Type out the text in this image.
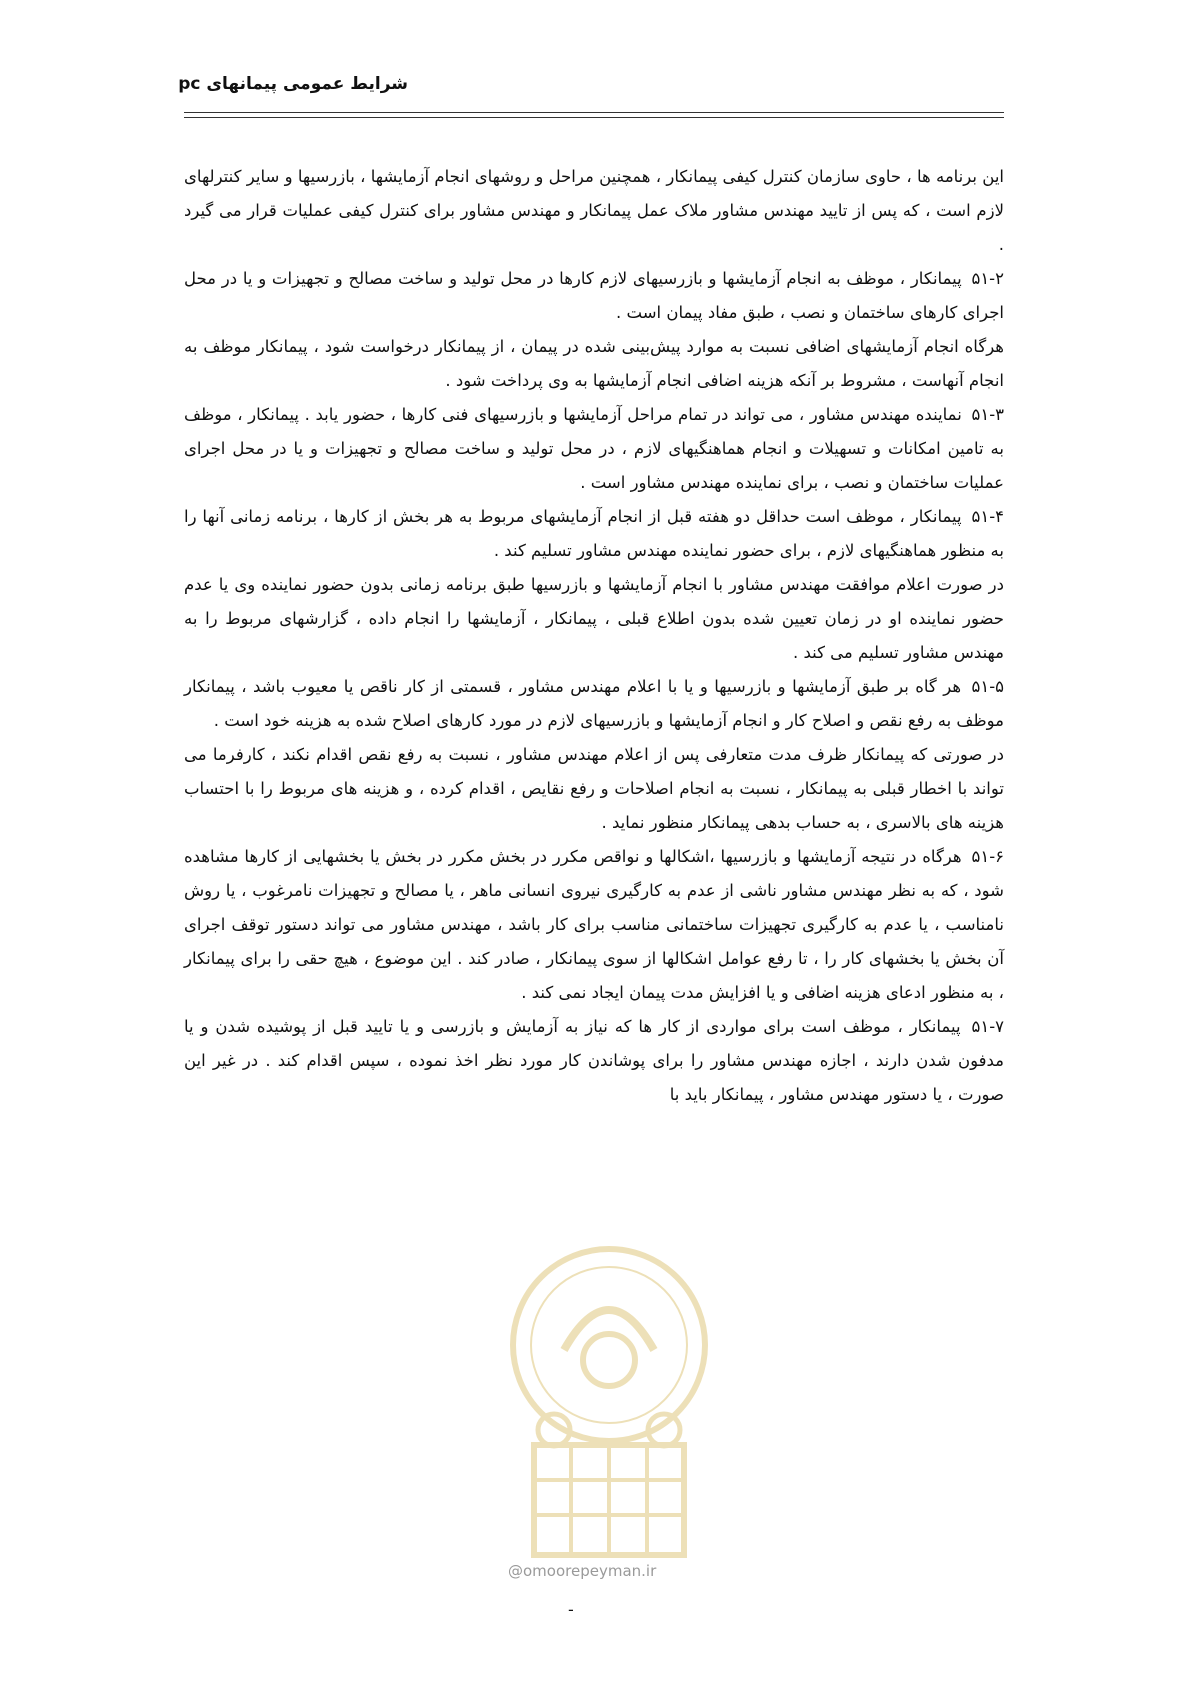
شرایط عمومی پیمانهای pc

این برنامه ها ، حاوی سازمان کنترل کیفی پیمانکار ، همچنین مراحل و روشهای انجام آزمایشها ، بازرسیها و سایر کنترلهای لازم است ، که پس از تایید مهندس مشاور ملاک عمل پیمانکار و مهندس مشاور برای کنترل کیفی عملیات قرار می گیرد .

۵۱-۲ پیمانکار ، موظف به انجام آزمایشها و بازرسیهای لازم کارها در محل تولید و ساخت مصالح و تجهیزات و یا در محل اجرای کارهای ساختمان و نصب ، طبق مفاد پیمان است .

هرگاه انجام آزمایشهای اضافی نسبت به موارد پیش‌بینی شده در پیمان ، از پیمانکار درخواست شود ، پیمانکار موظف به انجام آنهاست ، مشروط بر آنکه هزینه اضافی انجام آزمایشها به وی پرداخت شود .

۵۱-۳ نماینده مهندس مشاور ، می تواند در تمام مراحل آزمایشها و بازرسیهای فنی کارها ، حضور یابد . پیمانکار ، موظف به تامین امکانات و تسهیلات و انجام هماهنگیهای لازم ، در محل تولید و ساخت مصالح و تجهیزات و یا در محل اجرای عملیات ساختمان و نصب ، برای نماینده مهندس مشاور است .

۵۱-۴ پیمانکار ، موظف است حداقل دو هفته قبل از انجام آزمایشهای مربوط به هر بخش از کارها ، برنامه زمانی آنها را به منظور هماهنگیهای لازم ، برای حضور نماینده مهندس مشاور تسلیم کند .

در صورت اعلام موافقت مهندس مشاور با انجام آزمایشها و بازرسیها طبق برنامه زمانی بدون حضور نماینده وی یا عدم حضور نماینده او در زمان تعیین شده بدون اطلاع قبلی ، پیمانکار ، آزمایشها را انجام داده ، گزارشهای مربوط را به مهندس مشاور تسلیم می کند .

۵۱-۵ هر گاه بر طبق آزمایشها و بازرسیها و یا با اعلام مهندس مشاور ، قسمتی از کار ناقص یا معیوب باشد ، پیمانکار موظف به رفع نقص و اصلاح کار و انجام آزمایشها و بازرسیهای لازم در مورد کارهای اصلاح شده به هزینه خود است .

در صورتی که پیمانکار ظرف مدت متعارفی پس از اعلام مهندس مشاور ، نسبت به رفع نقص اقدام نکند ، کارفرما می تواند با اخطار قبلی به پیمانکار ، نسبت به انجام اصلاحات و رفع نقایص ، اقدام کرده ، و هزینه های مربوط را با احتساب هزینه های بالاسری ، به حساب بدهی پیمانکار منظور نماید .

۵۱-۶ هرگاه در نتیجه آزمایشها و بازرسیها ،اشکالها و نواقص مکرر در بخش مکرر در بخش یا بخشهایی از کارها مشاهده شود ، که به نظر مهندس مشاور ناشی از عدم به کارگیری نیروی انسانی ماهر ، یا مصالح و تجهیزات نامرغوب ، یا روش نامناسب ، یا عدم به کارگیری تجهیزات ساختمانی مناسب برای کار باشد ، مهندس مشاور می تواند دستور توقف اجرای آن بخش یا بخشهای کار را ، تا رفع عوامل اشکالها از سوی پیمانکار ، صادر کند . این موضوع ، هیچ حقی را برای پیمانکار ، به منظور ادعای هزینه اضافی و یا افزایش مدت پیمان ایجاد نمی کند .

۵۱-۷ پیمانکار ، موظف است برای مواردی از کار ها که نیاز به آزمایش و بازرسی و یا تایید قبل از پوشیده شدن و یا مدفون شدن دارند ، اجازه مهندس مشاور را برای پوشاندن کار مورد نظر اخذ نموده ، سپس اقدام کند . در غیر این صورت ، یا دستور مهندس مشاور ، پیمانکار باید با

@omoorepeyman.ir
-
